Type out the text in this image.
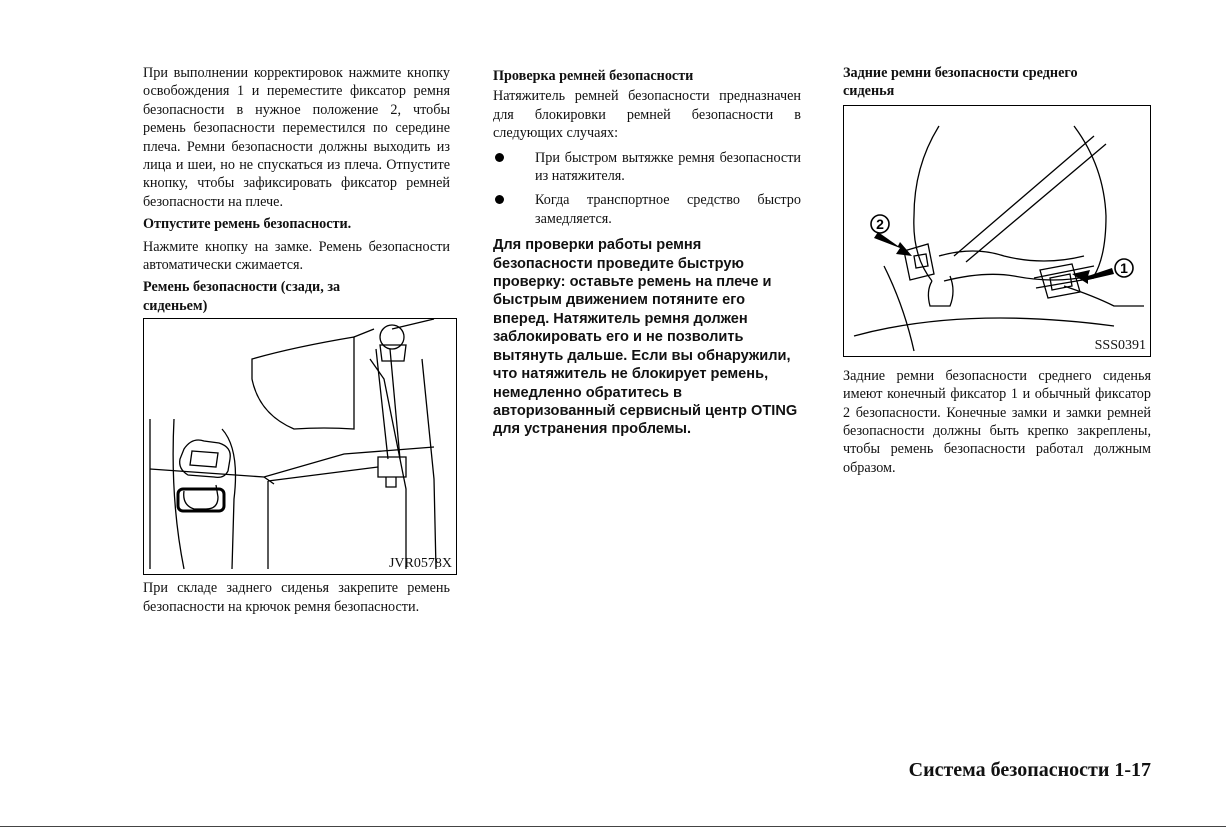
При выполнении корректировок нажмите кнопку освобождения 1 и переместите фиксатор ремня безопасности в нужное положение 2, чтобы ремень безопасности переместился по середине плеча. Ремни безопасности должны выходить из лица и шеи, но не спускаться из плеча. Отпустите кнопку, чтобы зафиксировать фиксатор ремней безопасности на плече.

Отпустите ремень безопасности.

Нажмите кнопку на замке. Ремень безопасности автоматически сжимается.

Ремень безопасности (сзади, за сиденьем)
JVR0578X

При складе заднего сиденья закрепите ремень безопасности на крючок ремня безопасности.

Проверка ремней безопасности

Натяжитель ремней безопасности предназначен для блокировки ремней безопасности в следующих случаях:

При быстром вытяжке ремня безопасности из натяжителя.
Когда транспортное средство быстро замедляется.

Для проверки работы ремня безопасности проведите быструю проверку: оставьте ремень на плече и быстрым движением потяните его вперед. Натяжитель ремня должен заблокировать его и не позволить вытянуть дальше. Если вы обнаружили, что натяжитель не блокирует ремень, немедленно обратитесь в авторизованный сервисный центр OTING для устранения проблемы.

Задние ремни безопасности среднего сиденья
2
1
SSS0391

Задние ремни безопасности среднего сиденья имеют конечный фиксатор 1 и обычный фиксатор 2 безопасности. Конечные замки и замки ремней безопасности должны быть крепко закреплены, чтобы ремень безопасности работал должным образом.

Система безопасности 1-17
